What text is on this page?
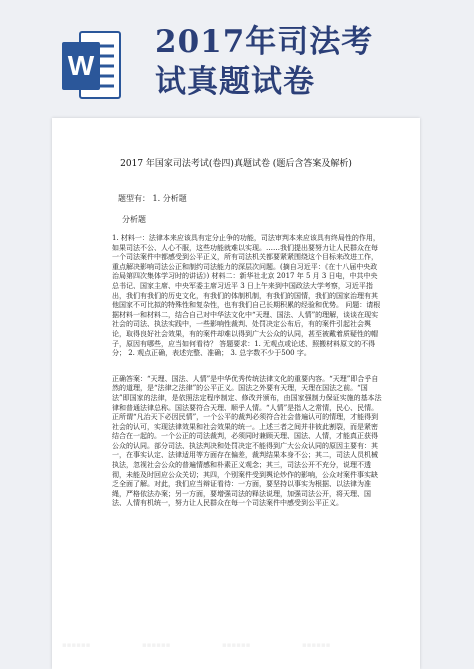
W
2017年司法考
试真题试卷
2017 年国家司法考试(卷四)真题试卷 (题后含答案及解析)
题型有： 1. 分析题
分析题

1. 材料一：法律本来应该具有定分止争的功能，司法审判本来应该具有终局性的作用，如果司法不公、人心不服，这些功能就难以实现。……我们提出要努力让人民群众在每一个司法案件中都感受到公平正义，所有司法机关都要紧紧围绕这个目标来改进工作，重点解决影响司法公正和制约司法能力的深层次问题。(摘自习近平：《在十八届中央政治局第四次集体学习时的讲话》) 材料二：新华社北京 2017 年 5 月 3 日电，中共中央总书记、国家主席、中央军委主席习近平 3 日上午来到中国政法大学考察，习近平指出，我们有我们的历史文化，有我们的体制机制，有我们的国情，我们的国家治理有其他国家不可比拟的特殊性和复杂性，也有我们自己长期积累的经验和优势。 问题：请根据材料一和材料二，结合自己对中华法文化中“天理、国法、人情”的理解，谈谈在现实社会的司法、执法实践中，一些影响性裁判、处罚决定公布后，有的案件引起社会舆论，取得良好社会效果，有的案件却难以得到广大公众的认同，甚至被戴着质疑性的帽子，原因有哪些，应当如何看待？ 答题要求：1. 无观点或论述、照搬材料原文的不得分； 2. 观点正确，表述完整、准确； 3. 总字数不少于500 字。

正确答案：“天理、国法、人情”是中华优秀传统法律文化的重要内容。“天理”即合乎自然的道理，是“法律之法律”的公平正义。国法之外要有天理，天理在国法之前。“国法”即国家的法律，是依照法定程序制定、修改并颁布，由国家强制力保证实施的基本法律和普通法律总称。国法要符合天理、顺乎人情。“人情”是指人之常情，民心、民情。正所谓“凡治天下必因民情”，一个公平的裁判必须符合社会普遍认可的情理，才能得到社会的认可，实现法律效果和社会效果的统一。上述三者之间并非彼此割裂，而是紧密结合在一起的。一个公正的司法裁判，必须同时兼顾天理、国法、人情，才能真正获得公众的认同。部分司法、执法判决和处罚决定不能得到广大公众认同的原因主要有：其一，在事实认定、法律适用等方面存在偏差，裁判结果本身不公；其二，司法人员机械执法，忽视社会公众的普遍情感和朴素正义观念；其三，司法公开不充分，说理不透彻，未能及时回应公众关切；其四，个别案件受到舆论炒作的影响，公众对案件事实缺乏全面了解。对此，我们应当辩证看待：一方面，要坚持以事实为根据、以法律为准绳，严格依法办案；另一方面，要增强司法的释法说理，加强司法公开，将天理、国法、人情有机统一，努力让人民群众在每一个司法案件中感受到公平正义。

▪▪▪▪▪▪	▪▪▪▪▪▪	▪▪▪▪▪▪	▪▪▪▪▪▪
